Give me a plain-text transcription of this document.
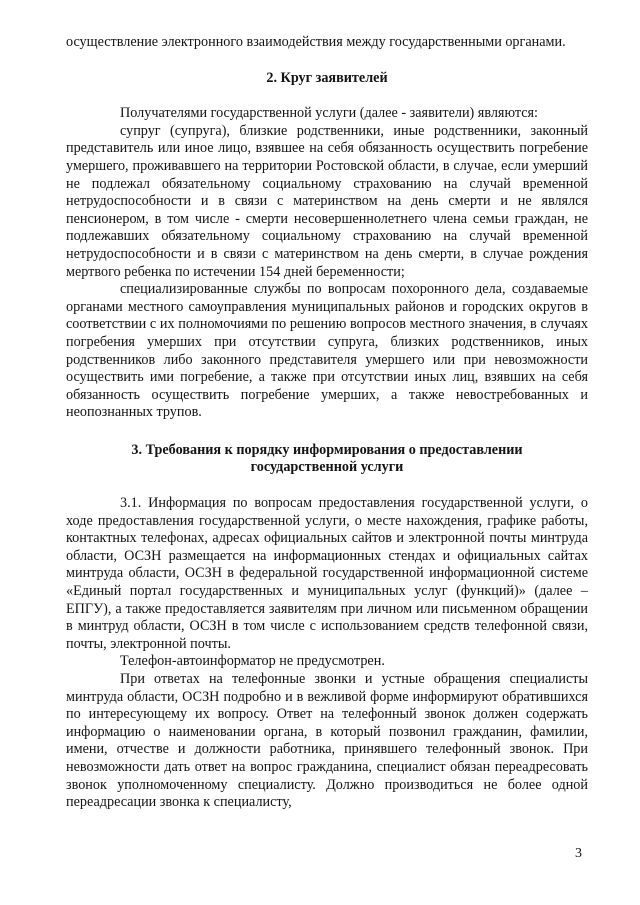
осуществление электронного взаимодействия между государственными органами.

2. Круг заявителей

Получателями государственной услуги (далее - заявители) являются:

супруг (супруга), близкие родственники, иные родственники, законный представитель или иное лицо, взявшее на себя обязанность осуществить погребение умершего, проживавшего на территории Ростовской области, в случае, если умерший не подлежал обязательному социальному страхованию на случай временной нетрудоспособности и в связи с материнством на день смерти и не являлся пенсионером, в том числе - смерти несовершеннолетнего члена семьи граждан, не подлежавших обязательному социальному страхованию на случай временной нетрудоспособности и в связи с материнством на день смерти, в случае рождения мертвого ребенка по истечении 154 дней беременности;

специализированные службы по вопросам похоронного дела, создаваемые органами местного самоуправления муниципальных районов и городских округов в соответствии с их полномочиями по решению вопросов местного значения, в случаях погребения умерших при отсутствии супруга, близких родственников, иных родственников либо законного представителя умершего или при невозможности осуществить ими погребение, а также при отсутствии иных лиц, взявших на себя обязанность осуществить погребение умерших, а также невостребованных и неопознанных трупов.

3. Требования к порядку информирования о предоставлении
государственной услуги

3.1. Информация по вопросам предоставления государственной услуги, о ходе предоставления государственной услуги, о месте нахождения, графике работы, контактных телефонах, адресах официальных сайтов и электронной почты минтруда области, ОСЗН размещается на информационных стендах и официальных сайтах минтруда области, ОСЗН в федеральной государственной информационной системе «Единый портал государственных и муниципальных услуг (функций)» (далее – ЕПГУ), а также предоставляется заявителям при личном или письменном обращении в минтруд области, ОСЗН в том числе с использованием средств телефонной связи, почты, электронной почты.

Телефон-автоинформатор не предусмотрен.

При ответах на телефонные звонки и устные обращения специалисты минтруда области, ОСЗН подробно и в вежливой форме информируют обратившихся по интересующему их вопросу. Ответ на телефонный звонок должен содержать информацию о наименовании органа, в который позвонил гражданин, фамилии, имени, отчестве и должности работника, принявшего телефонный звонок. При невозможности дать ответ на вопрос гражданина, специалист обязан переадресовать звонок уполномоченному специалисту. Должно производиться не более одной переадресации звонка к специалисту,

3
